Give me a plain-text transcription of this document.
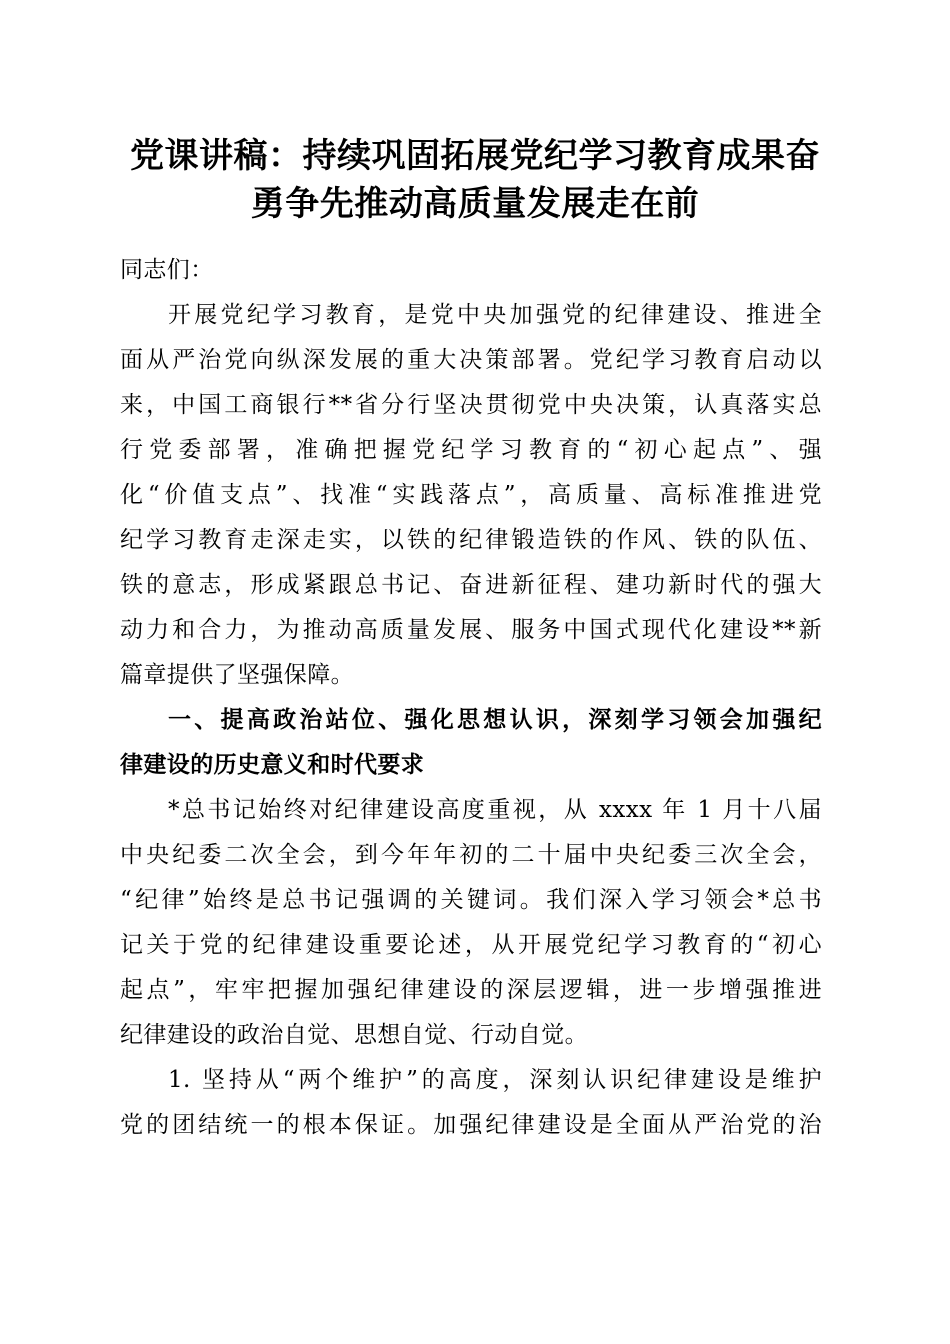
党课讲稿：持续巩固拓展党纪学习教育成果奋
勇争先推动高质量发展走在前

同志们：

开展党纪学习教育，是党中央加强党的纪律建设、推进全
面从严治党向纵深发展的重大决策部署。党纪学习教育启动以
来，中国工商银行**省分行坚决贯彻党中央决策，认真落实总
行党委部署，准确把握党纪学习教育的“初心起点”、强
化“价值支点”、找准“实践落点”，高质量、高标准推进党
纪学习教育走深走实，以铁的纪律锻造铁的作风、铁的队伍、
铁的意志，形成紧跟总书记、奋进新征程、建功新时代的强大
动力和合力，为推动高质量发展、服务中国式现代化建设**新
篇章提供了坚强保障。

一、提高政治站位、强化思想认识，深刻学习领会加强纪
律建设的历史意义和时代要求

*总书记始终对纪律建设高度重视，从 xxxx 年 1 月十八届
中央纪委二次全会，到今年年初的二十届中央纪委三次全会，
“纪律”始终是总书记强调的关键词。我们深入学习领会*总书
记关于党的纪律建设重要论述，从开展党纪学习教育的“初心
起点”，牢牢把握加强纪律建设的深层逻辑，进一步增强推进
纪律建设的政治自觉、思想自觉、行动自觉。

1. 坚持从“两个维护”的高度，深刻认识纪律建设是维护
党的团结统一的根本保证。加强纪律建设是全面从严治党的治
